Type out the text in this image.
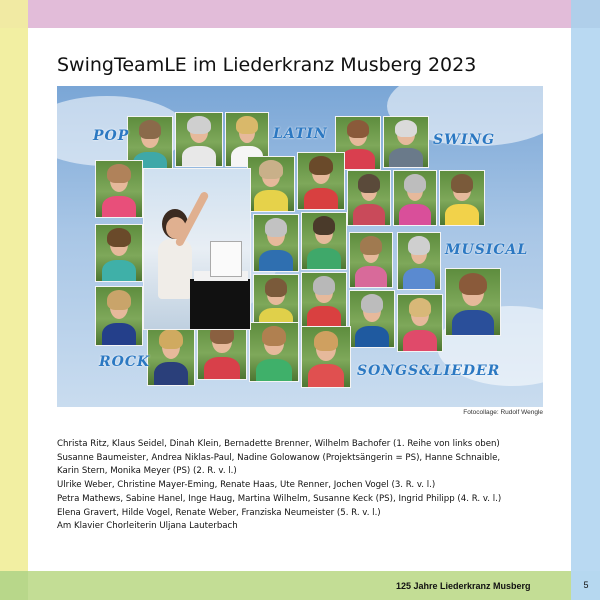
SwingTeamLE im Liederkranz Musberg 2023
POP	LATIN	SWING
MUSICAL
ROCK
SONGS&LIEDER
Fotocollage: Rudolf Wengle
Christa Ritz, Klaus Seidel, Dinah Klein, Bernadette Brenner, Wilhelm Bachofer (1. Reihe von links oben)
Susanne Baumeister, Andrea Niklas-Paul, Nadine Golowanow (Projektsängerin = PS), Hanne Schnaible,
Karin Stern, Monika Meyer (PS) (2. R. v. l.)
Ulrike Weber, Christine Mayer-Eming, Renate Haas, Ute Renner, Jochen Vogel (3. R. v. l.)
Petra Mathews, Sabine Hanel, Inge Haug, Martina Wilhelm, Susanne Keck (PS), Ingrid Philipp (4. R. v. l.)
Elena Gravert, Hilde Vogel, Renate Weber, Franziska Neumeister (5. R. v. l.)
Am Klavier Chorleiterin Uljana Lauterbach
125 Jahre Liederkranz Musberg	5
